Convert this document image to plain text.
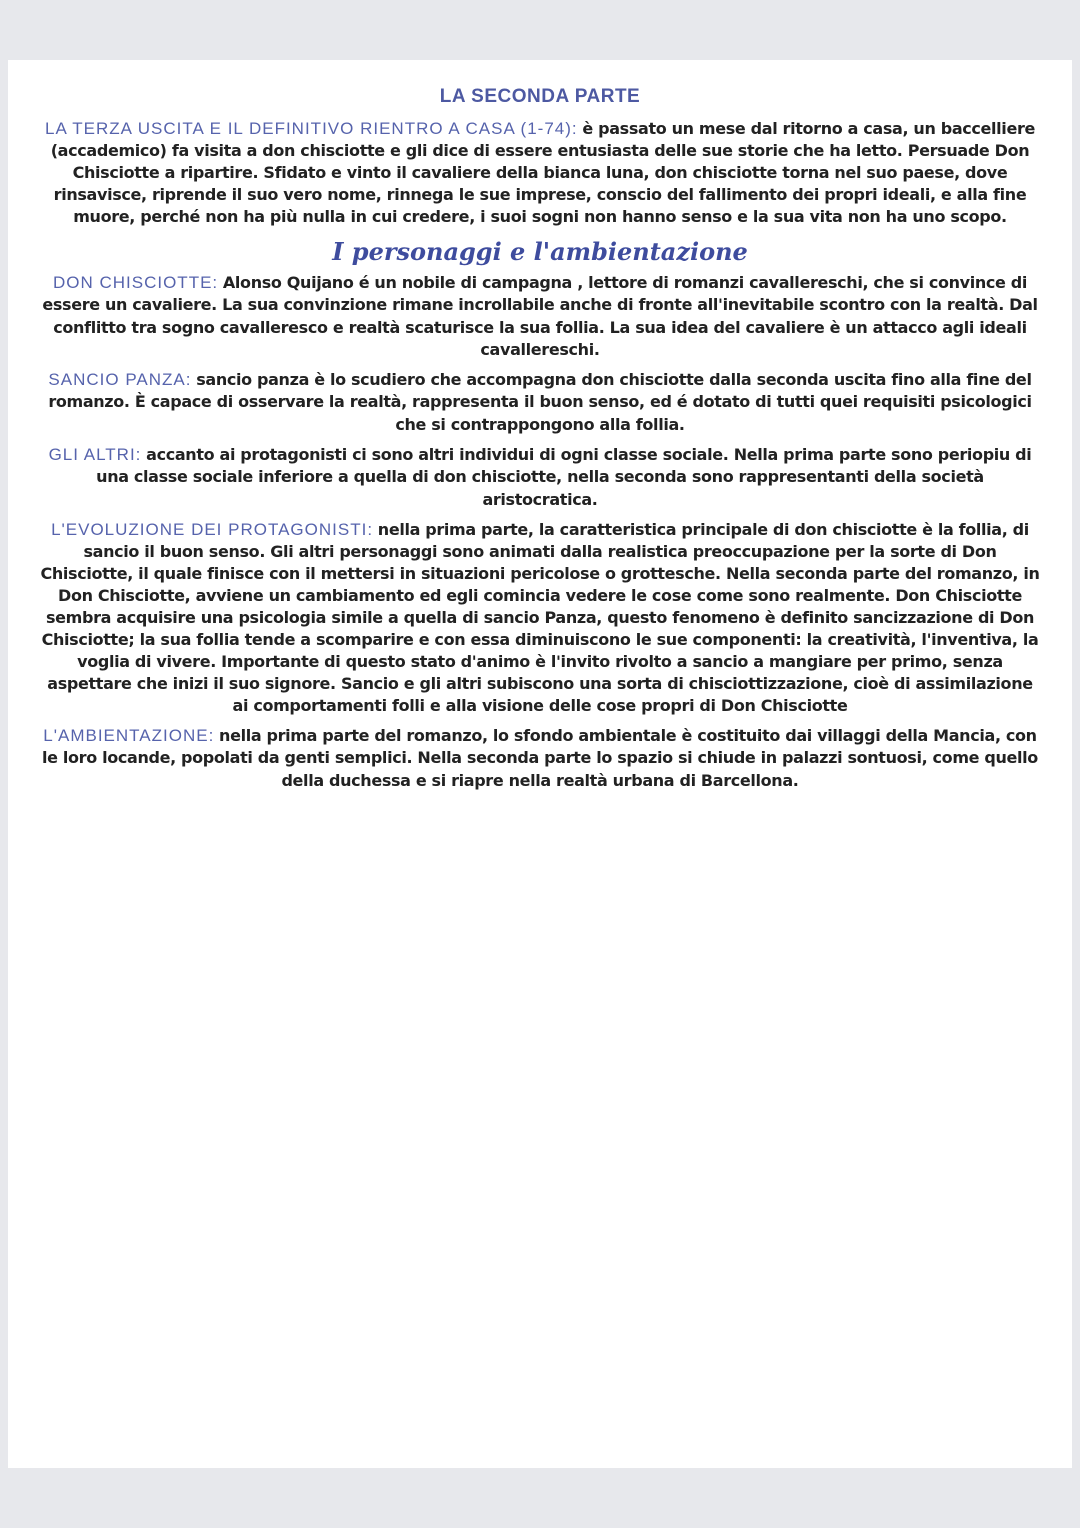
LA SECONDA PARTE

LA TERZA USCITA E IL DEFINITIVO RIENTRO A CASA (1-74): è passato un mese dal ritorno a casa, un baccelliere (accademico) fa visita a don chisciotte e gli dice di essere entusiasta delle sue storie che ha letto. Persuade Don Chisciotte a ripartire. Sfidato e vinto il cavaliere della bianca luna, don chisciotte torna nel suo paese, dove rinsavisce, riprende il suo vero nome, rinnega le sue imprese, conscio del fallimento dei propri ideali, e alla fine muore, perché non ha più nulla in cui credere, i suoi sogni non hanno senso e la sua vita non ha uno scopo.

I personaggi e l'ambientazione

DON CHISCIOTTE: Alonso Quijano é un nobile di campagna , lettore di romanzi cavallereschi, che si convince di essere un cavaliere. La sua convinzione rimane incrollabile anche di fronte all'inevitabile scontro con la realtà. Dal conflitto tra sogno cavalleresco e realtà scaturisce la sua follia. La sua idea del cavaliere è un attacco agli ideali cavallereschi.

SANCIO PANZA: sancio panza è lo scudiero che accompagna don chisciotte dalla seconda uscita fino alla fine del romanzo. È capace di osservare la realtà, rappresenta il buon senso, ed é dotato di tutti quei requisiti psicologici che si contrappongono alla follia.

GLI ALTRI: accanto ai protagonisti ci sono altri individui di ogni classe sociale. Nella prima parte sono periopiu di una classe sociale inferiore a quella di don chisciotte, nella seconda sono rappresentanti della società aristocratica.

L'EVOLUZIONE DEI PROTAGONISTI: nella prima parte, la caratteristica principale di don chisciotte è la follia, di sancio il buon senso. Gli altri personaggi sono animati dalla realistica preoccupazione per la sorte di Don Chisciotte, il quale finisce con il mettersi in situazioni pericolose o grottesche. Nella seconda parte del romanzo, in Don Chisciotte, avviene un cambiamento ed egli comincia vedere le cose come sono realmente. Don Chisciotte sembra acquisire una psicologia simile a quella di sancio Panza, questo fenomeno è definito sancizzazione di Don Chisciotte; la sua follia tende a scomparire e con essa diminuiscono le sue componenti: la creatività, l'inventiva, la voglia di vivere. Importante di questo stato d'animo è l'invito rivolto a sancio a mangiare per primo, senza aspettare che inizi il suo signore. Sancio e gli altri subiscono una sorta di chisciottizzazione, cioè di assimilazione ai comportamenti folli e alla visione delle cose propri di Don Chisciotte

L'AMBIENTAZIONE: nella prima parte del romanzo, lo sfondo ambientale è costituito dai villaggi della Mancia, con le loro locande, popolati da genti semplici. Nella seconda parte lo spazio si chiude in palazzi sontuosi, come quello della duchessa e si riapre nella realtà urbana di Barcellona.
